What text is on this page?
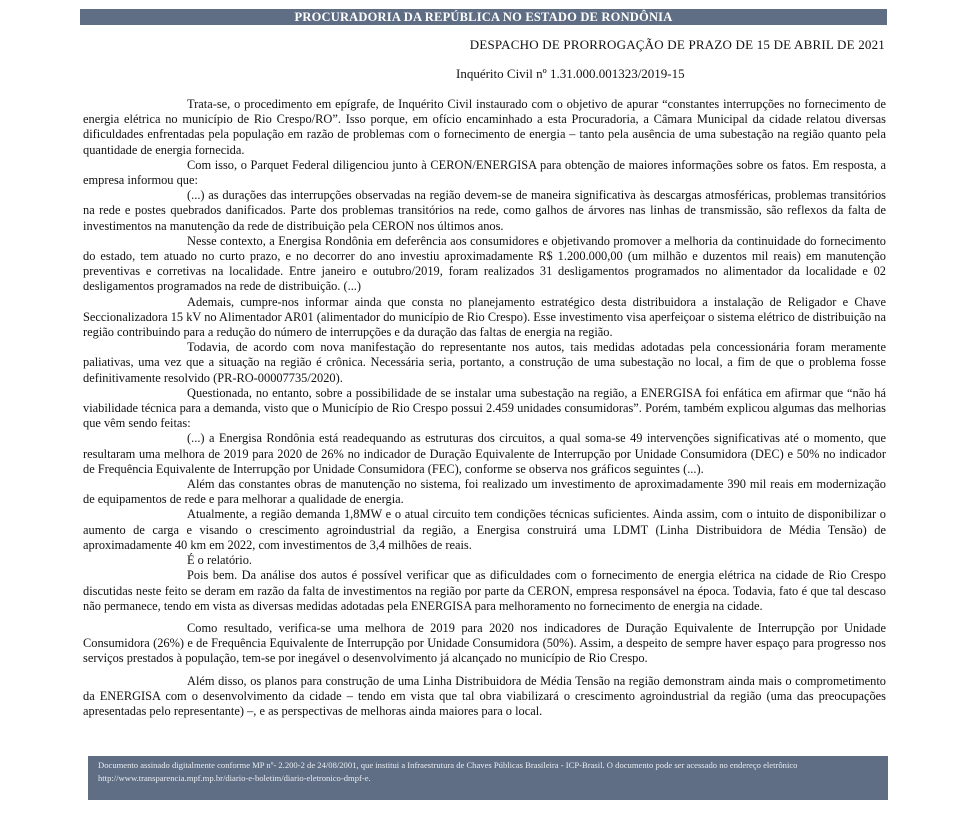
PROCURADORIA DA REPÚBLICA NO ESTADO DE RONDÔNIA
DESPACHO DE PRORROGAÇÃO DE PRAZO DE 15 DE ABRIL DE 2021
Inquérito Civil nº 1.31.000.001323/2019-15

Trata-se, o procedimento em epígrafe, de Inquérito Civil instaurado com o objetivo de apurar “constantes interrupções no fornecimento de energia elétrica no município de Rio Crespo/RO”. Isso porque, em ofício encaminhado a esta Procuradoria, a Câmara Municipal da cidade relatou diversas dificuldades enfrentadas pela população em razão de problemas com o fornecimento de energia – tanto pela ausência de uma subestação na região quanto pela quantidade de energia fornecida.

Com isso, o Parquet Federal diligenciou junto à CERON/ENERGISA para obtenção de maiores informações sobre os fatos. Em resposta, a empresa informou que:

(...) as durações das interrupções observadas na região devem-se de maneira significativa às descargas atmosféricas, problemas transitórios na rede e postes quebrados danificados. Parte dos problemas transitórios na rede, como galhos de árvores nas linhas de transmissão, são reflexos da falta de investimentos na manutenção da rede de distribuição pela CERON nos últimos anos.

Nesse contexto, a Energisa Rondônia em deferência aos consumidores e objetivando promover a melhoria da continuidade do fornecimento do estado, tem atuado no curto prazo, e no decorrer do ano investiu aproximadamente R$ 1.200.000,00 (um milhão e duzentos mil reais) em manutenção preventivas e corretivas na localidade. Entre janeiro e outubro/2019, foram realizados 31 desligamentos programados no alimentador da localidade e 02 desligamentos programados na rede de distribuição. (...)

Ademais, cumpre-nos informar ainda que consta no planejamento estratégico desta distribuidora a instalação de Religador e Chave Seccionalizadora 15 kV no Alimentador AR01 (alimentador do município de Rio Crespo). Esse investimento visa aperfeiçoar o sistema elétrico de distribuição na região contribuindo para a redução do número de interrupções e da duração das faltas de energia na região.

Todavia, de acordo com nova manifestação do representante nos autos, tais medidas adotadas pela concessionária foram meramente paliativas, uma vez que a situação na região é crônica. Necessária seria, portanto, a construção de uma subestação no local, a fim de que o problema fosse definitivamente resolvido (PR-RO-00007735/2020).

Questionada, no entanto, sobre a possibilidade de se instalar uma subestação na região, a ENERGISA foi enfática em afirmar que “não há viabilidade técnica para a demanda, visto que o Município de Rio Crespo possui 2.459 unidades consumidoras”. Porém, também explicou algumas das melhorias que vêm sendo feitas:

(...) a Energisa Rondônia está readequando as estruturas dos circuitos, a qual soma-se 49 intervenções significativas até o momento, que resultaram uma melhora de 2019 para 2020 de 26% no indicador de Duração Equivalente de Interrupção por Unidade Consumidora (DEC) e 50% no indicador de Frequência Equivalente de Interrupção por Unidade Consumidora (FEC), conforme se observa nos gráficos seguintes (...).

Além das constantes obras de manutenção no sistema, foi realizado um investimento de aproximadamente 390 mil reais em modernização de equipamentos de rede e para melhorar a qualidade de energia.

Atualmente, a região demanda 1,8MW e o atual circuito tem condições técnicas suficientes. Ainda assim, com o intuito de disponibilizar o aumento de carga e visando o crescimento agroindustrial da região, a Energisa construirá uma LDMT (Linha Distribuidora de Média Tensão) de aproximadamente 40 km em 2022, com investimentos de 3,4 milhões de reais.

É o relatório.

Pois bem. Da análise dos autos é possível verificar que as dificuldades com o fornecimento de energia elétrica na cidade de Rio Crespo discutidas neste feito se deram em razão da falta de investimentos na região por parte da CERON, empresa responsável na época. Todavia, fato é que tal descaso não permanece, tendo em vista as diversas medidas adotadas pela ENERGISA para melhoramento no fornecimento de energia na cidade.

Como resultado, verifica-se uma melhora de 2019 para 2020 nos indicadores de Duração Equivalente de Interrupção por Unidade Consumidora (26%) e de Frequência Equivalente de Interrupção por Unidade Consumidora (50%). Assim, a despeito de sempre haver espaço para progresso nos serviços prestados à população, tem-se por inegável o desenvolvimento já alcançado no município de Rio Crespo.

Além disso, os planos para construção de uma Linha Distribuidora de Média Tensão na região demonstram ainda mais o comprometimento da ENERGISA com o desenvolvimento da cidade – tendo em vista que tal obra viabilizará o crescimento agroindustrial da região (uma das preocupações apresentadas pelo representante) –, e as perspectivas de melhoras ainda maiores para o local.

Documento assinado digitalmente conforme MP nº- 2.200-2 de 24/08/2001, que institui a Infraestrutura de Chaves Públicas Brasileira - ICP-Brasil. O documento pode ser acessado no endereço eletrônico http://www.transparencia.mpf.mp.br/diario-e-boletim/diario-eletronico-dmpf-e.
